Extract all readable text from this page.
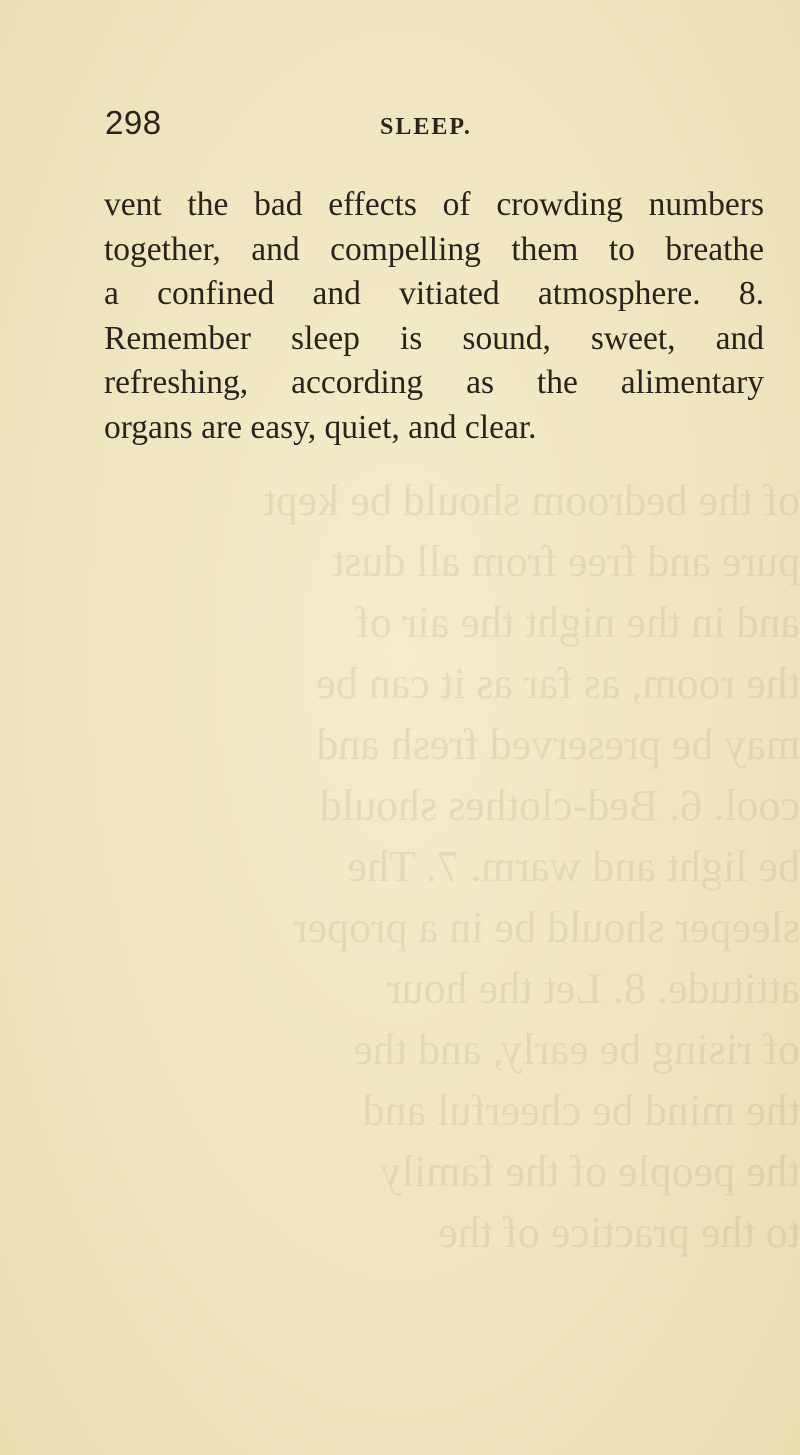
of the bedroom should be kept
pure and free from all dust
and in the night the air of
the room, as far as it can be
may be preserved fresh and
cool. 6. Bed-clothes should
be light and warm. 7. The
sleeper should be in a proper
attitude. 8. Let the hour
of rising be early, and the
the mind be cheerful and
the people of the family
to the practice of the
298	SLEEP.
vent the bad effects of crowding numbers
together, and compelling them to breathe
a confined and vitiated atmosphere. 8.
Remember sleep is sound, sweet, and
refreshing, according as the alimentary
organs are easy, quiet, and clear.
